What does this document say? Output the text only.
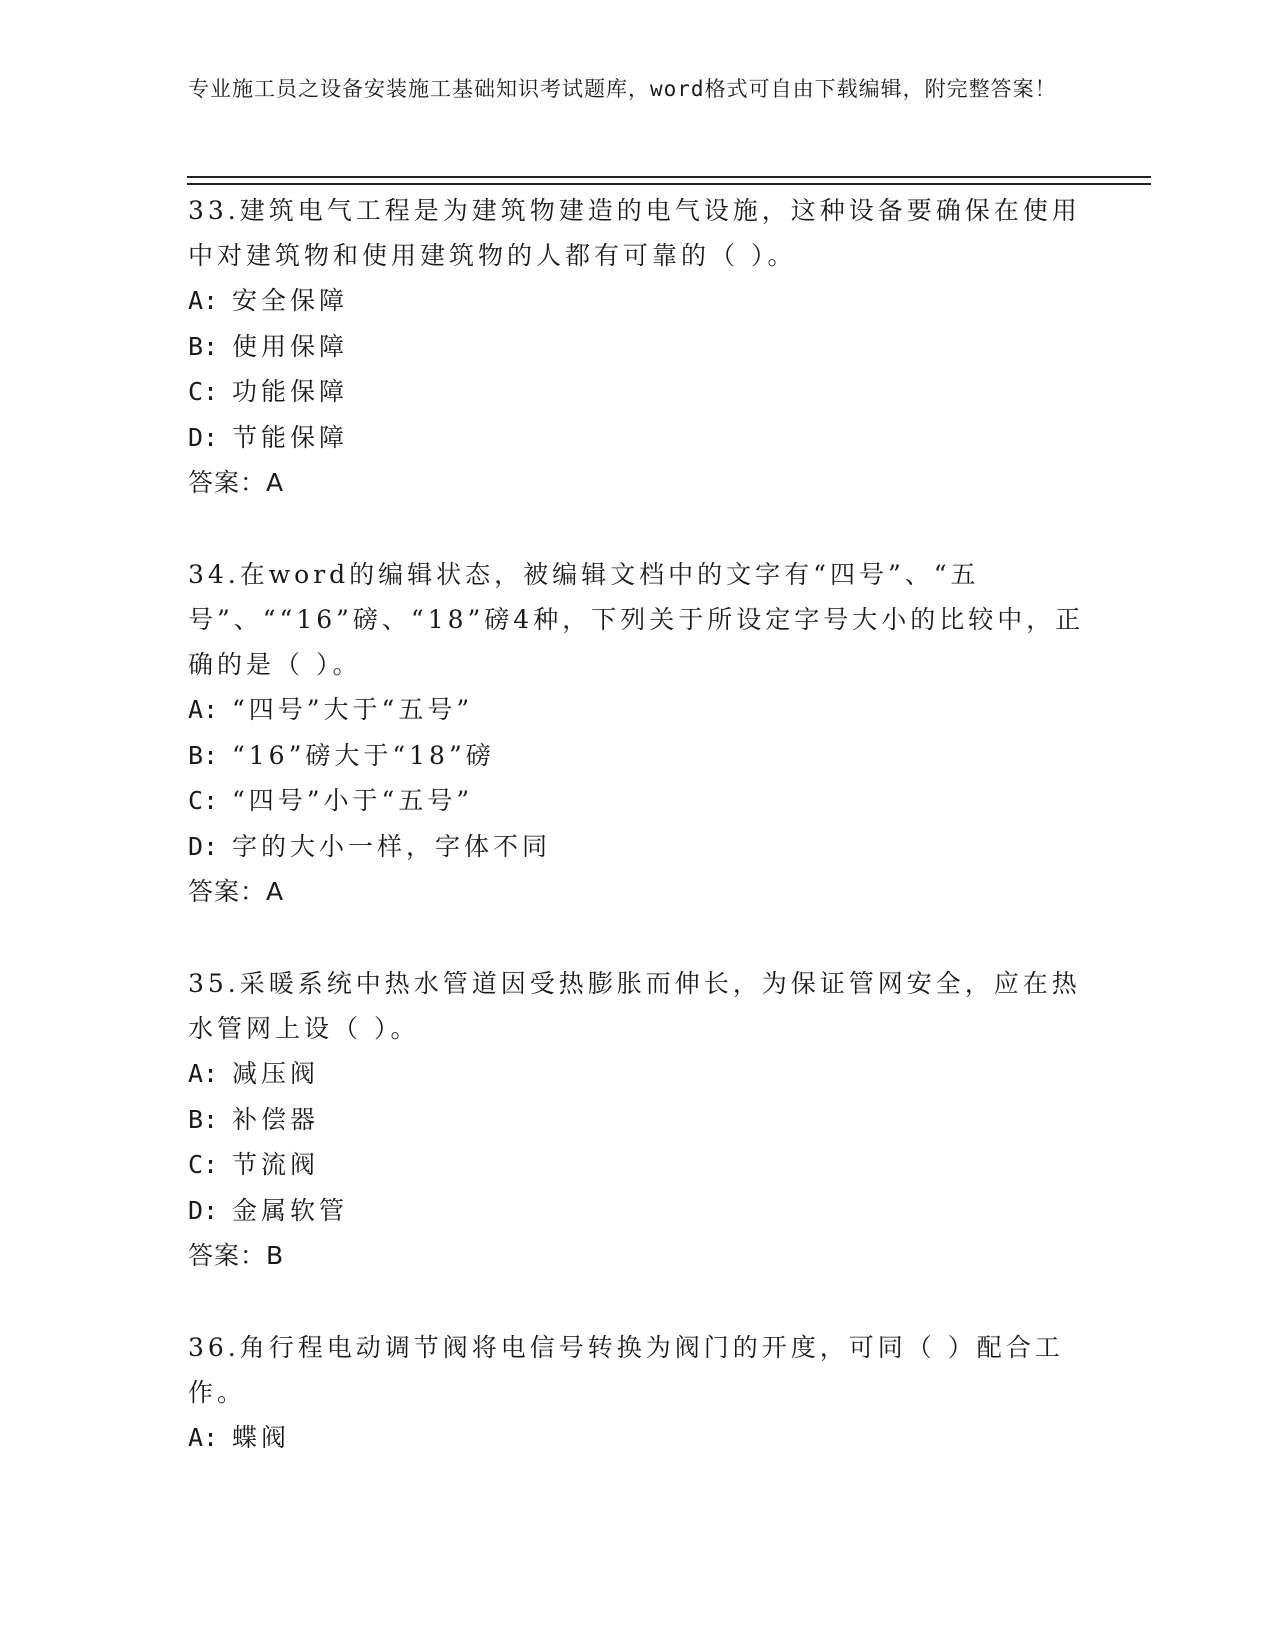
专业施工员之设备安装施工基础知识考试题库，word格式可自由下载编辑，附完整答案！

33.建筑电气工程是为建筑物建造的电气设施，这种设备要确保在使用中对建筑物和使用建筑物的人都有可靠的（ ）。

A: 安全保障

B: 使用保障

C: 功能保障

D: 节能保障

答案：A

34.在word的编辑状态，被编辑文档中的文字有“四号”、“五号”、““16”磅、“18”磅4种，下列关于所设定字号大小的比较中，正确的是（ ）。

A: “四号”大于“五号”

B: “16”磅大于“18”磅

C: “四号”小于“五号”

D: 字的大小一样，字体不同

答案：A

35.采暖系统中热水管道因受热膨胀而伸长，为保证管网安全，应在热水管网上设（ ）。

A: 减压阀

B: 补偿器

C: 节流阀

D: 金属软管

答案：B

36.角行程电动调节阀将电信号转换为阀门的开度，可同（ ）配合工作。

A: 蝶阀
